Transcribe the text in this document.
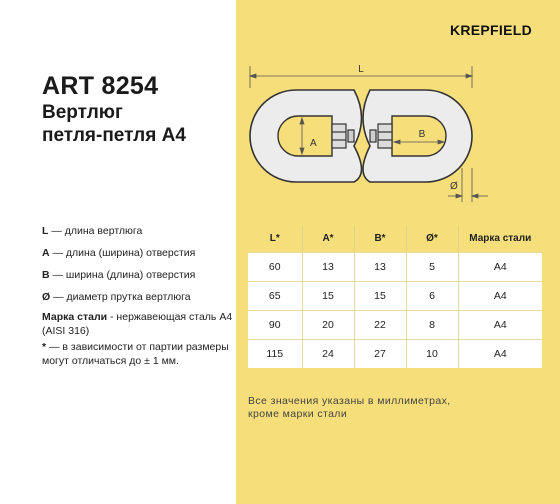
KREPFIELD
ART 8254
Вертлюг
петля-петля А4
L — длина вертлюга
A — длина (ширина) отверстия
B — ширина (длина) отверстия
Ø — диаметр прутка вертлюга
Марка стали - нержавеющая сталь А4 (AISI 316)
* — в зависимости от партии размеры могут отличаться до ± 1 мм.
L
A
B
Ø
L*	A*	B*	Ø*	Марка стали
60	13	13	5	А4
65	15	15	6	А4
90	20	22	8	А4
115	24	27	10	А4
Все значения указаны в миллиметрах,
кроме марки стали
